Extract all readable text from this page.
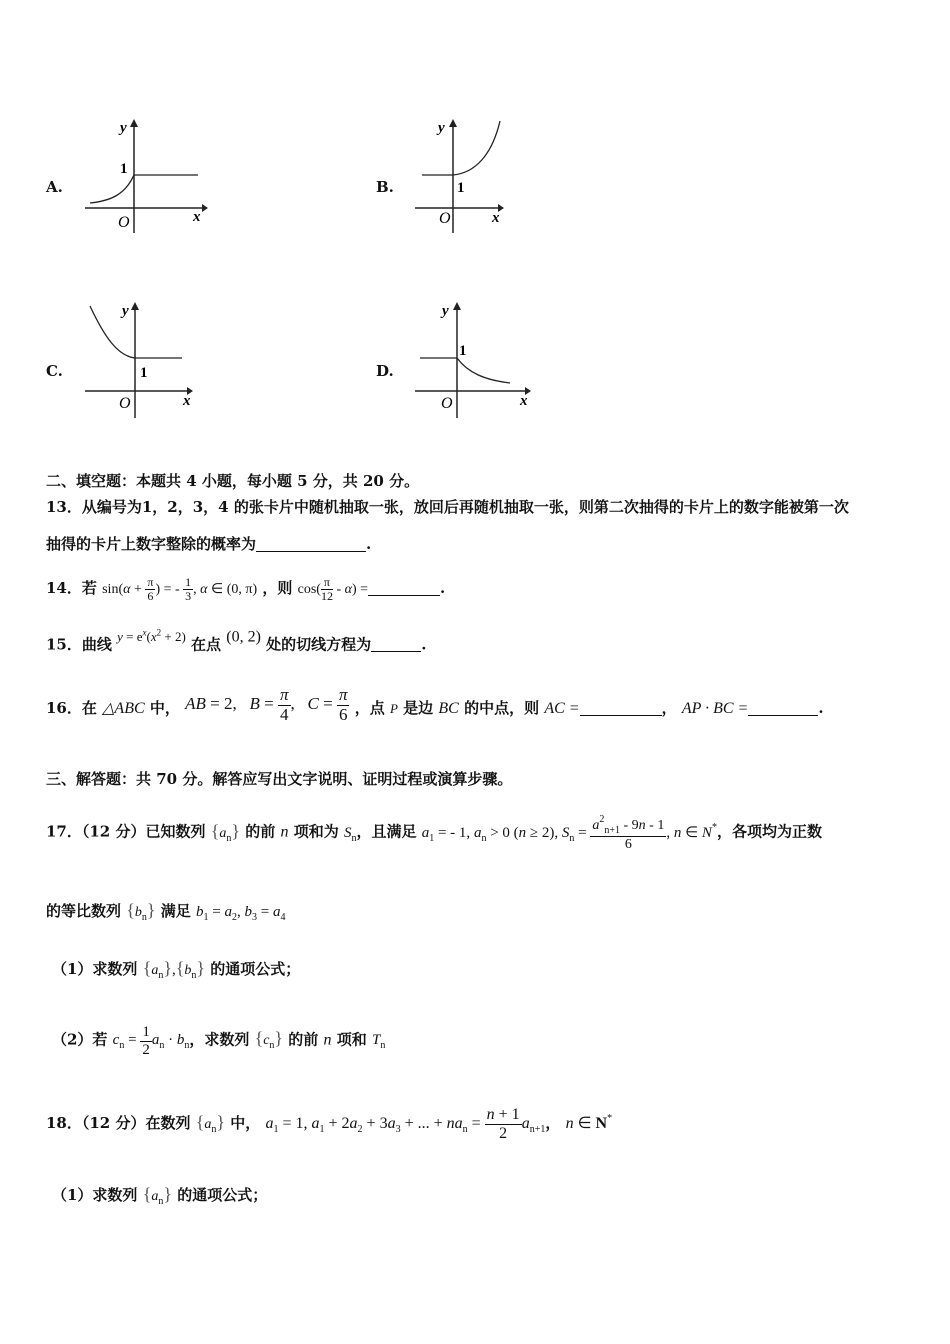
A.
y
1
O	x
B.
y
1
O	x
C.
y
1
O	x
D.
y
1
O	x
二、填空题：本题共 4 小题，每小题 5 分，共 20 分。
13．从编号为1，2，3，4 的张卡片中随机抽取一张，放回后再随机抽取一张，则第二次抽得的卡片上的数字能被第一次
抽得的卡片上数字整除的概率为	.
14．若 $\sin(\alpha + \frac{\pi}{6}$ ) = - $\frac{1}{3}$ , α ∈ (0, π) ，则 $\cos( \frac{\pi}{12} - \alpha)$ =	.
15．曲线 $y = e^x(x^2 + 2)$ 在点 (0, 2) 处的切线方程为	.
16．在 △ABC 中， AB = 2,   $B = \frac{\pi}{4}$ ,   $C = \frac{\pi}{6}$ ，点 P 是边 BC 的中点，则 AC =	， AP · BC =	.
三、解答题：共 70 分。解答应写出文字说明、证明过程或演算步骤。
17．（12 分）已知数列 $\{a_n\}$ 的前 n 项和为 $S_n$，且满足 $a_1$ = - 1, $a_n > 0$ (n ≥ 2), $S_n = \frac{a^2_{n+1} - 9n - 1}{6}$ , n ∈ N*，各项均为正数
的等比数列 $\{b_n\}$ 满足 $b_1 = a_2$, $b_3 = a_4$
（1）求数列 $\{a_n\},\{b_n\}$ 的通项公式；
（2）若 $c_n = \frac{1}{2} a_n \cdot b_n$，求数列 $\{c_n\}$ 的前 n 项和 $T_n$
18．（12 分）在数列 $\{a_n\}$ 中， $a_1 = 1$, $a_1 + 2a_2 + 3a_3$ + ... + $na_n = \frac{n + 1}{2} a_{n+1}$， n ∈ N*
（1）求数列 $\{a_n\}$ 的通项公式；
